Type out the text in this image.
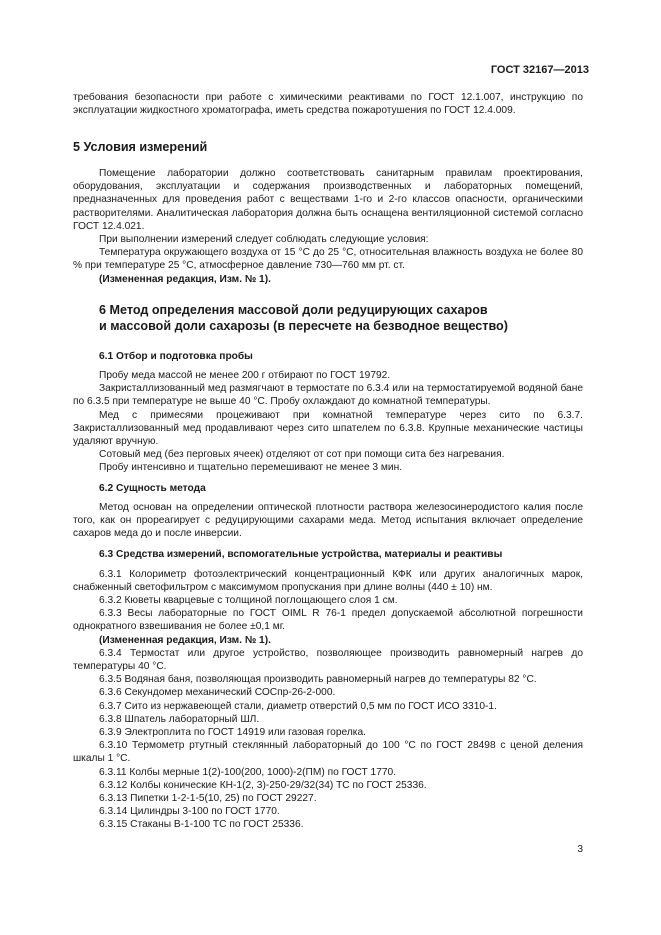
ГОСТ 32167—2013

требования безопасности при работе с химическими реактивами по ГОСТ 12.1.007, инструкцию по эксплуатации жидкостного хроматографа, иметь средства пожаротушения по ГОСТ 12.4.009.

5 Условия измерений

Помещение лаборатории должно соответствовать санитарным правилам проектирования, оборудования, эксплуатации и содержания производственных и лабораторных помещений, предназначенных для проведения работ с веществами 1-го и 2-го классов опасности, органическими растворителями. Аналитическая лаборатория должна быть оснащена вентиляционной системой согласно ГОСТ 12.4.021.

При выполнении измерений следует соблюдать следующие условия:

Температура окружающего воздуха от 15 °С до 25 °С, относительная влажность воздуха не более 80 % при температуре 25 °С, атмосферное давление 730—760 мм рт. ст.

(Измененная редакция, Изм. № 1).

6 Метод определения массовой доли редуцирующих сахаров
и массовой доли сахарозы (в пересчете на безводное вещество)
6.1 Отбор и подготовка пробы

Пробу меда массой не менее 200 г отбирают по ГОСТ 19792.

Закристаллизованный мед размягчают в термостате по 6.3.4 или на термостатируемой водяной бане по 6.3.5 при температуре не выше 40 °С. Пробу охлаждают до комнатной температуры.

Мед с примесями процеживают при комнатной температуре через сито по 6.3.7. Закристаллизованный мед продавливают через сито шпателем по 6.3.8. Крупные механические частицы удаляют вручную.

Сотовый мед (без перговых ячеек) отделяют от сот при помощи сита без нагревания.

Пробу интенсивно и тщательно перемешивают не менее 3 мин.

6.2 Сущность метода

Метод основан на определении оптической плотности раствора железосинеродистого калия после того, как он прореагирует с редуцирующими сахарами меда. Метод испытания включает определение сахаров меда до и после инверсии.

6.3 Средства измерений, вспомогательные устройства, материалы и реактивы

6.3.1 Колориметр фотоэлектрический концентрационный КФК или других аналогичных марок, снабженный светофильтром с максимумом пропускания при длине волны (440 ± 10) нм.

6.3.2 Кюветы кварцевые с толщиной поглощающего слоя 1 см.

6.3.3 Весы лабораторные по ГОСТ OIML R 76-1 предел допускаемой абсолютной погрешности однократного взвешивания не более ±0,1 мг.

(Измененная редакция, Изм. № 1).

6.3.4 Термостат или другое устройство, позволяющее производить равномерный нагрев до температуры 40 °С.

6.3.5 Водяная баня, позволяющая производить равномерный нагрев до температуры 82 °С.

6.3.6 Секундомер механический СОСпр-26-2-000.

6.3.7 Сито из нержавеющей стали, диаметр отверстий 0,5 мм по ГОСТ ИСО 3310-1.

6.3.8 Шпатель лабораторный ШЛ.

6.3.9 Электроплита по ГОСТ 14919 или газовая горелка.

6.3.10 Термометр ртутный стеклянный лабораторный до 100 °С по ГОСТ 28498 с ценой деления шкалы 1 °С.

6.3.11 Колбы мерные 1(2)-100(200, 1000)-2(ПМ) по ГОСТ 1770.

6.3.12 Колбы конические КН-1(2, 3)-250-29/32(34) ТС по ГОСТ 25336.

6.3.13 Пипетки 1-2-1-5(10, 25) по ГОСТ 29227.

6.3.14 Цилиндры 3-100 по ГОСТ 1770.

6.3.15 Стаканы В-1-100 ТС по ГОСТ 25336.

3
